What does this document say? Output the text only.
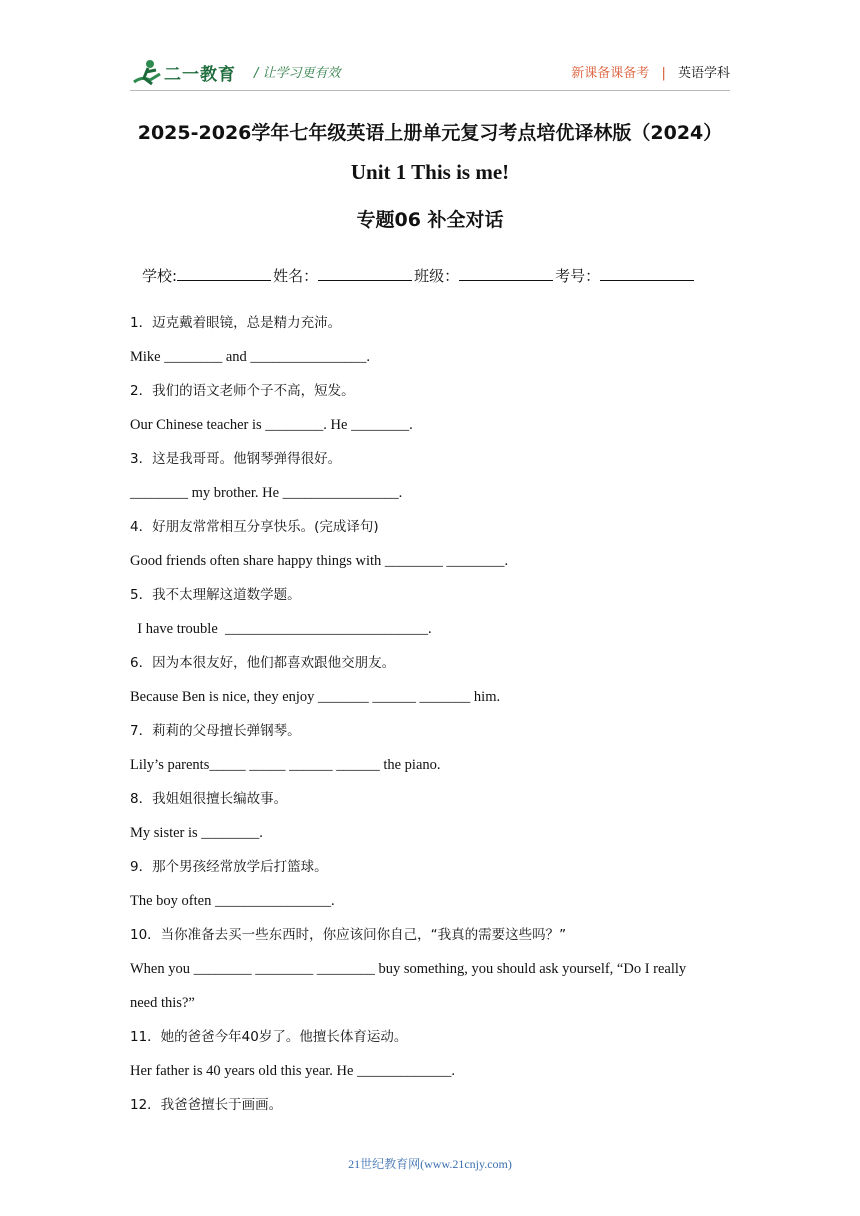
二一教育 / 让学习更有效	新课备课备考 | 英语学科
2025-2026学年七年级英语上册单元复习考点培优译林版（2024）
Unit 1 This is me!
专题06 补全对话
学校:	姓名：	班级：	考号：
1．迈克戴着眼镜，总是精力充沛。
Mike ________ and ________________.
2．我们的语文老师个子不高，短发。
Our Chinese teacher is ________. He ________.
3．这是我哥哥。他钢琴弹得很好。
________ my brother. He ________________.
4．好朋友常常相互分享快乐。(完成译句)
Good friends often share happy things with ________ ________.
5．我不太理解这道数学题。
I have trouble  ____________________________.
6．因为本很友好，他们都喜欢跟他交朋友。
Because Ben is nice, they enjoy _______ ______ _______ him.
7．莉莉的父母擅长弹钢琴。
Lily’s parents_____ _____ ______ ______ the piano.
8．我姐姐很擅长编故事。
My sister is ________.
9．那个男孩经常放学后打篮球。
The boy often ________________.
10．当你准备去买一些东西时，你应该问你自己，“我真的需要这些吗？”
When you ________ ________ ________ buy something, you should ask yourself, “Do I really
need this?”
11．她的爸爸今年40岁了。他擅长体育运动。
Her father is 40 years old this year. He _____________.
12．我爸爸擅长于画画。
21世纪教育网(www.21cnjy.com)
